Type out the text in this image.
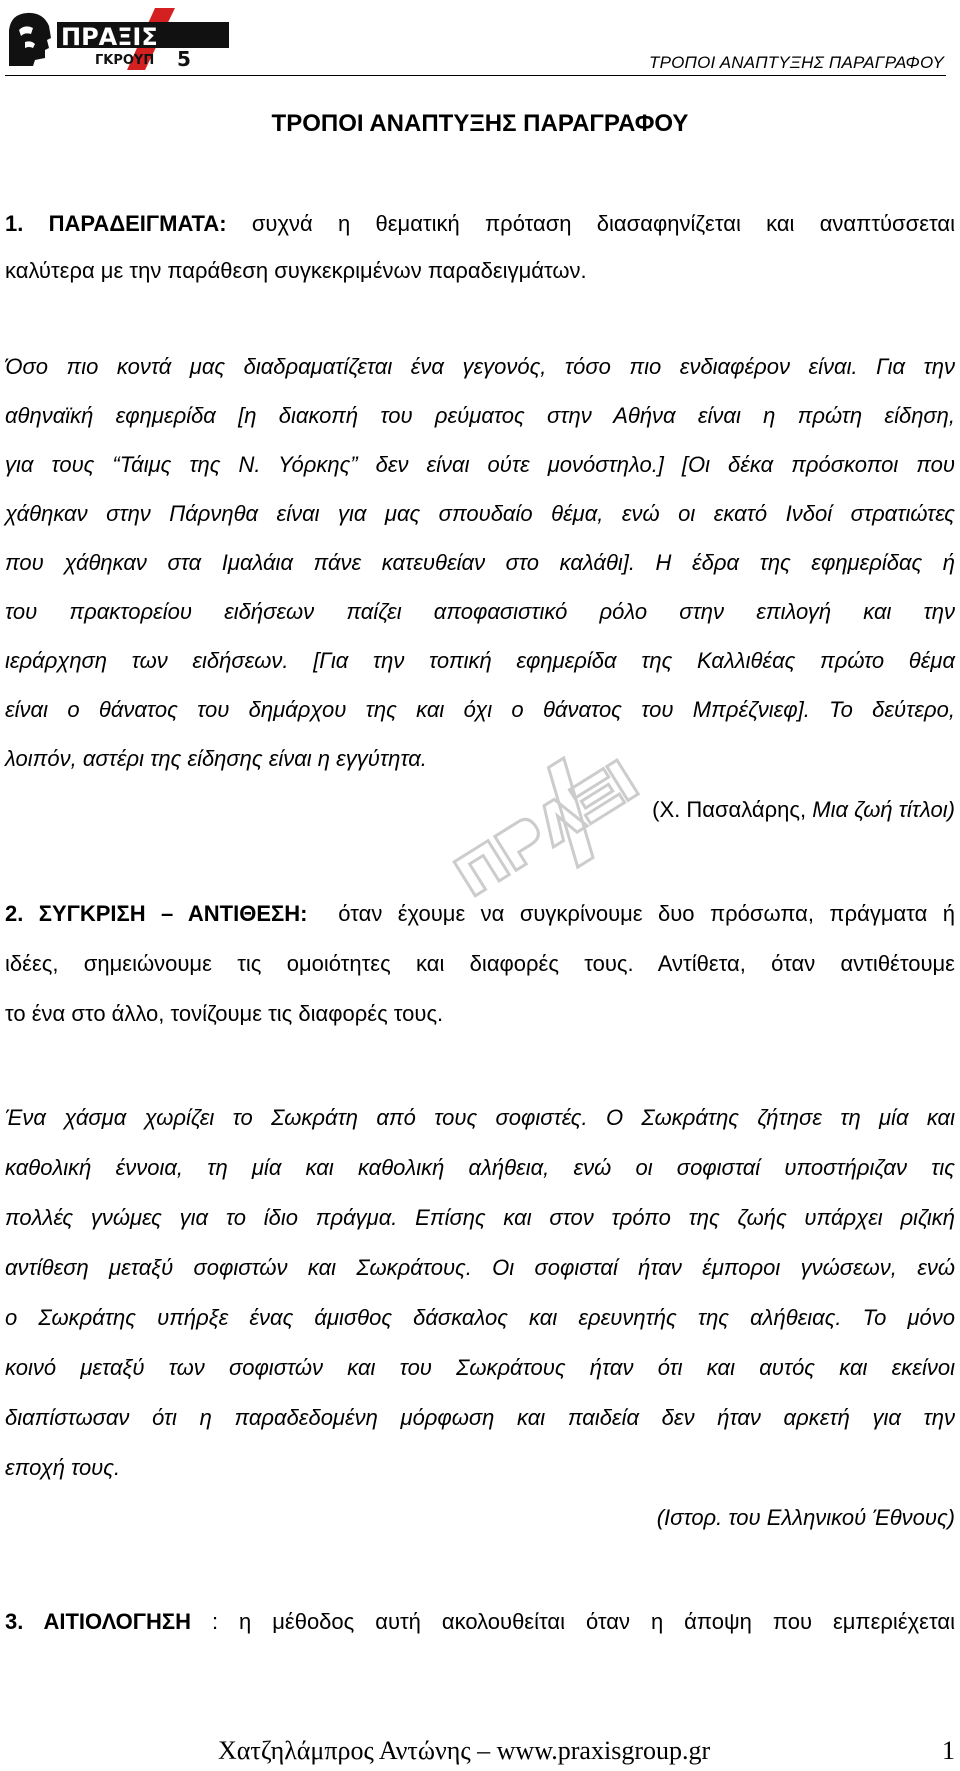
ΠΡΑΞΙΣ
ΓΚΡΟΥΠ 5	ΤΡΟΠΟΙ ΑΝΑΠΤΥΞΗΣ ΠΑΡΑΓΡΑΦΟΥ
ΤΡΟΠΟΙ ΑΝΑΠΤΥΞΗΣ ΠΑΡΑΓΡΑΦΟΥ

1. ΠΑΡΑΔΕΙΓΜΑΤΑ: συχνά η θεματική πρόταση διασαφηνίζεται και αναπτύσσεται

καλύτερα με την παράθεση συγκεκριμένων παραδειγμάτων.

Όσο πιο κοντά μας διαδραματίζεται ένα γεγονός, τόσο πιο ενδιαφέρον είναι. Για την

αθηναϊκή εφημερίδα [η διακοπή του ρεύματος στην Αθήνα είναι η πρώτη είδηση,

για τους “Τάιμς της Ν. Υόρκης” δεν είναι ούτε μονόστηλο.] [Οι δέκα πρόσκοποι που

χάθηκαν στην Πάρνηθα είναι για μας σπουδαίο θέμα, ενώ οι εκατό Ινδοί στρατιώτες

που χάθηκαν στα Ιμαλάια πάνε κατευθείαν στο καλάθι]. Η έδρα της εφημερίδας ή

του πρακτορείου ειδήσεων παίζει αποφασιστικό ρόλο στην επιλογή και την

ιεράρχηση των ειδήσεων. [Για την τοπική εφημερίδα της Καλλιθέας πρώτο θέμα

είναι ο θάνατος του δημάρχου της και όχι ο θάνατος του Μπρέζνιεφ]. Το δεύτερο,

λοιπόν, αστέρι της είδησης είναι η εγγύτητα.

(Χ. Πασαλάρης, Μια ζωή τίτλοι)

2. ΣΥΓΚΡΙΣΗ – ΑΝΤΙΘΕΣΗ: όταν έχουμε να συγκρίνουμε δυο πρόσωπα, πράγματα ή

ιδέες, σημειώνουμε τις ομοιότητες και διαφορές τους. Αντίθετα, όταν αντιθέτουμε

το ένα στο άλλο, τονίζουμε τις διαφορές τους.

Ένα χάσμα χωρίζει το Σωκράτη από τους σοφιστές. Ο Σωκράτης ζήτησε τη μία και

καθολική έννοια, τη μία και καθολική αλήθεια, ενώ οι σοφισταί υποστήριζαν τις

πολλές γνώμες για το ίδιο πράγμα. Επίσης και στον τρόπο της ζωής υπάρχει ριζική

αντίθεση μεταξύ σοφιστών και Σωκράτους. Οι σοφισταί ήταν έμποροι γνώσεων, ενώ

ο Σωκράτης υπήρξε ένας άμισθος δάσκαλος και ερευνητής της αλήθειας. Το μόνο

κοινό μεταξύ των σοφιστών και του Σωκράτους ήταν ότι και αυτός και εκείνοι

διαπίστωσαν ότι η παραδεδομένη μόρφωση και παιδεία δεν ήταν αρκετή για την

εποχή τους.

(Ιστορ. του Ελληνικού Έθνους)

3. ΑΙΤΙΟΛΟΓΗΣΗ : η μέθοδος αυτή ακολουθείται όταν η άποψη που εμπεριέχεται

Χατζηλάμπρος Αντώνης – www.praxisgroup.gr	1
